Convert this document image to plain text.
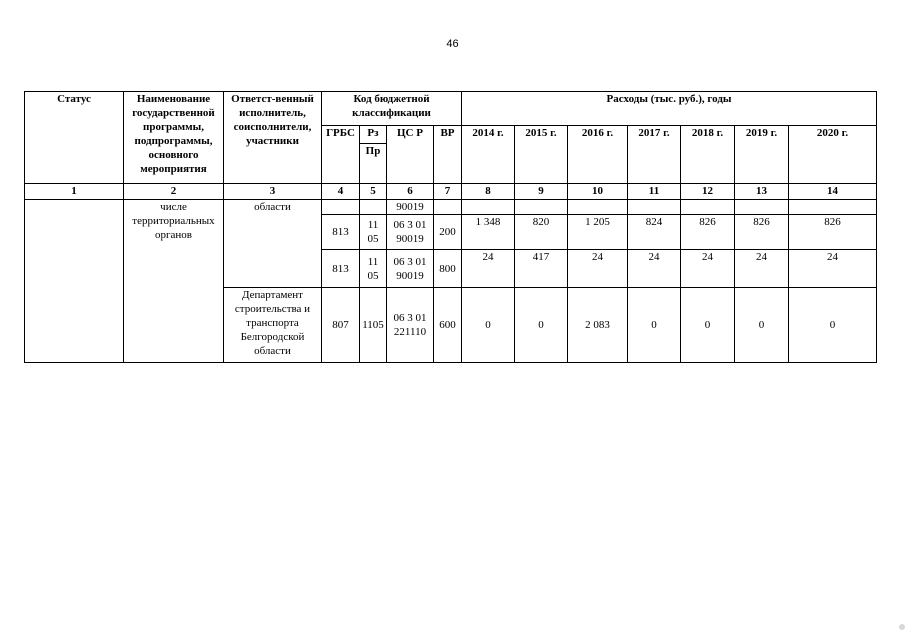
46
Статус	Наименование государственной программы, подпрограммы, основного мероприятия	Ответст-венный исполнитель, соисполнители, участники	Код бюджетной классификации				Расходы (тыс. руб.), годы						
			ГРБС	Рз	ЦС Р	ВР	2014 г.	2015 г.	2016 г.	2017 г.	2018 г.	2019 г.	2020 г.
				Пр									
1	2	3	4	5	6	7	8	9	10	11	12	13	14
	числе территориальных органов	области			90019								
			813	11 05	06 3 01 90019	200	1 348	820	1 205	824	826	826	826
			813	11 05	06 3 01 90019	800	24	417	24	24	24	24	24
		Департамент строительства и транспорта Белгородской области	807	1105	06 3 01 221110	600	0	0	2 083	0	0	0	0
